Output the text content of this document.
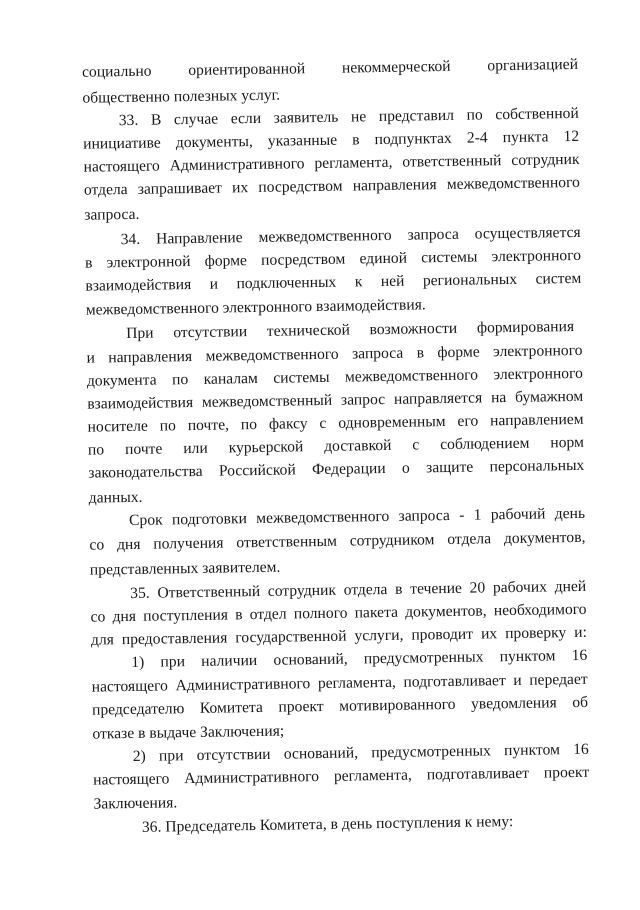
социально ориентированной некоммерческой организацией
общественно полезных услуг.
33. В случае если заявитель не представил по собственной
инициативе документы, указанные в подпунктах 2-4 пункта 12
настоящего Административного регламента, ответственный сотрудник
отдела запрашивает их посредством направления межведомственного
запроса.
34. Направление межведомственного запроса осуществляется
в электронной форме посредством единой системы электронного
взаимодействия и подключенных к ней региональных систем
межведомственного электронного взаимодействия.
При отсутствии технической возможности формирования
и направления межведомственного запроса в форме электронного
документа по каналам системы межведомственного электронного
взаимодействия межведомственный запрос направляется на бумажном
носителе по почте, по факсу с одновременным его направлением
по почте или курьерской доставкой с соблюдением норм
законодательства Российской Федерации о защите персональных
данных.
Срок подготовки межведомственного запроса - 1 рабочий день
со дня получения ответственным сотрудником отдела документов,
представленных заявителем.
35. Ответственный сотрудник отдела в течение 20 рабочих дней
со дня поступления в отдел полного пакета документов, необходимого
для предоставления государственной услуги, проводит их проверку и:
1) при наличии оснований, предусмотренных пунктом 16
настоящего Административного регламента, подготавливает и передает
председателю Комитета проект мотивированного уведомления об
отказе в выдаче Заключения;
2) при отсутствии оснований, предусмотренных пунктом 16
настоящего Административного регламента, подготавливает проект
Заключения.
36. Председатель Комитета, в день поступления к нему:
